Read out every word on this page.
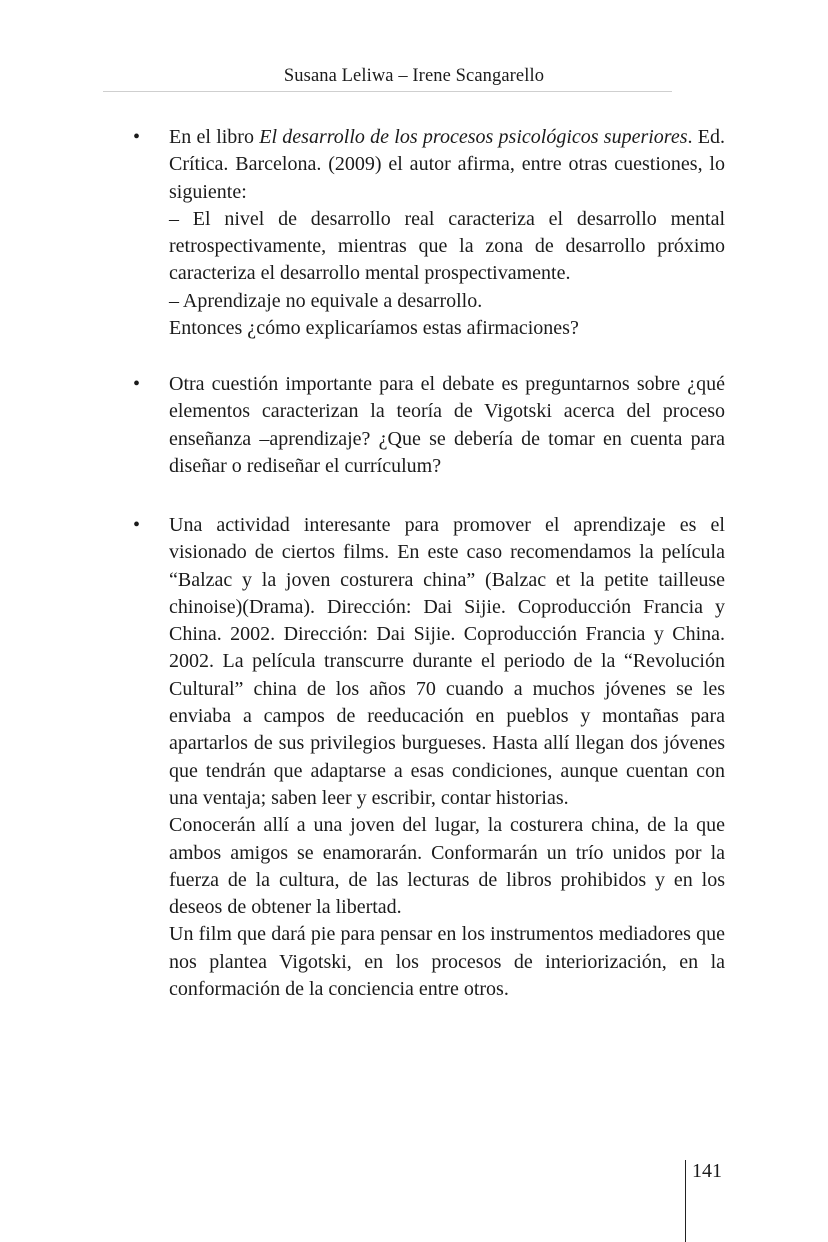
Susana Leliwa – Irene Scangarello
• En el libro El desarrollo de los procesos psicológicos superiores. Ed. Crítica. Barcelona. (2009) el autor afirma, entre otras cuestiones, lo siguiente:

– El nivel de desarrollo real caracteriza el desarrollo mental retrospectivamente, mientras que la zona de desarrollo próximo caracteriza el desarrollo mental prospectivamente.

– Aprendizaje no equivale a desarrollo.

Entonces ¿cómo explicaríamos estas afirmaciones?

• Otra cuestión importante para el debate es preguntarnos sobre ¿qué elementos caracterizan la teoría de Vigotski acerca del proceso enseñanza –aprendizaje? ¿Que se debería de tomar en cuenta para diseñar o rediseñar el currículum?

• Una actividad interesante para promover el aprendizaje es el visionado de ciertos films. En este caso recomendamos la película “Balzac y la joven costurera china” (Balzac et la petite tailleuse chinoise)(Drama). Dirección: Dai Sijie. Coproducción Francia y China. 2002. Dirección: Dai Sijie. Coproducción Francia y China. 2002. La película transcurre durante el periodo de la “Revolución Cultural” china de los años 70 cuando a muchos jóvenes se les enviaba a campos de reeducación en pueblos y montañas para apartarlos de sus privilegios burgueses. Hasta allí llegan dos jóvenes que tendrán que adaptarse a esas condiciones, aunque cuentan con una ventaja; saben leer y escribir, contar historias.

Conocerán allí a una joven del lugar, la costurera china, de la que ambos amigos se enamorarán. Conformarán un trío unidos por la fuerza de la cultura, de las lecturas de libros prohibidos y en los deseos de obtener la libertad.

Un film que dará pie para pensar en los instrumentos mediadores que nos plantea Vigotski, en los procesos de interiorización, en la conformación de la conciencia entre otros.

141
